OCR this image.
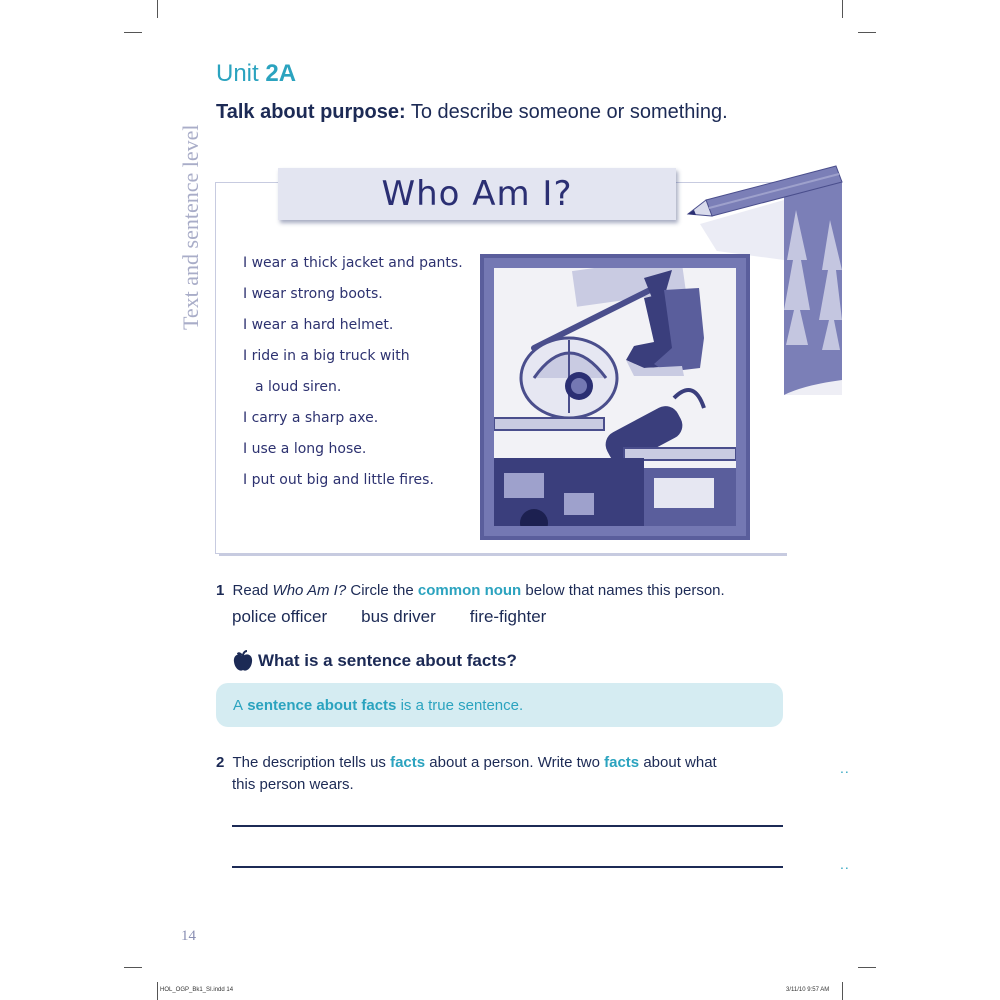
Text and sentence level
Unit 2A
Talk about purpose: To describe someone or something.
Who Am I?
I wear a thick jacket and pants.
I wear strong boots.
I wear a hard helmet.
I ride in a big truck with
a loud siren.
I carry a sharp axe.
I use a long hose.
I put out big and little fires.
1 Read Who Am I? Circle the common noun below that names this person.
police officer bus driver fire-fighter
What is a sentence about facts?
A
sentence about facts
is a true sentence.
2 The description tells us facts about a person. Write two facts about what
this person wears.
..
..
14
HOL_OGP_Bk1_SI.indd 14	3/11/10 9:57 AM
